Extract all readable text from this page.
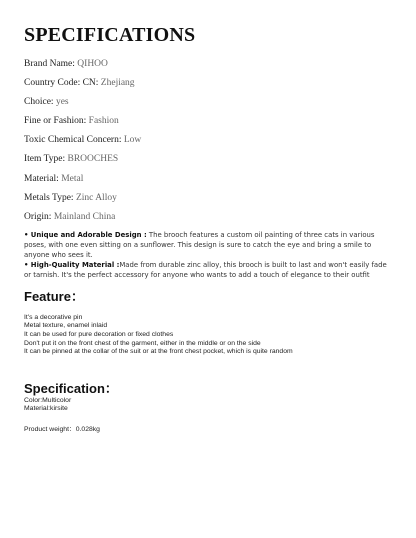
SPECIFICATIONS
Brand Name: QIHOO
Country Code: CN: Zhejiang
Choice: yes
Fine or Fashion: Fashion
Toxic Chemical Concern: Low
Item Type: BROOCHES
Material: Metal
Metals Type: Zinc Alloy
Origin: Mainland China

• Unique and Adorable Design : The brooch features a custom oil painting of three cats in various poses, with one even sitting on a sunflower. This design is sure to catch the eye and bring a smile to anyone who sees it.

• High-Quality Material :Made from durable zinc alloy, this brooch is built to last and won't easily fade or tarnish. It's the perfect accessory for anyone who wants to add a touch of elegance to their outfit

Feature：
It's a decorative pin
Metal texture, enamel inlaid
It can be used for pure decoration or fixed clothes
Don't put it on the front chest of the garment, either in the middle or on the side
It can be pinned at the collar of the suit or at the front chest pocket, which is quite random
Specification：
Color:Multicolor
Material:kirsite
Product weight：0.028kg
